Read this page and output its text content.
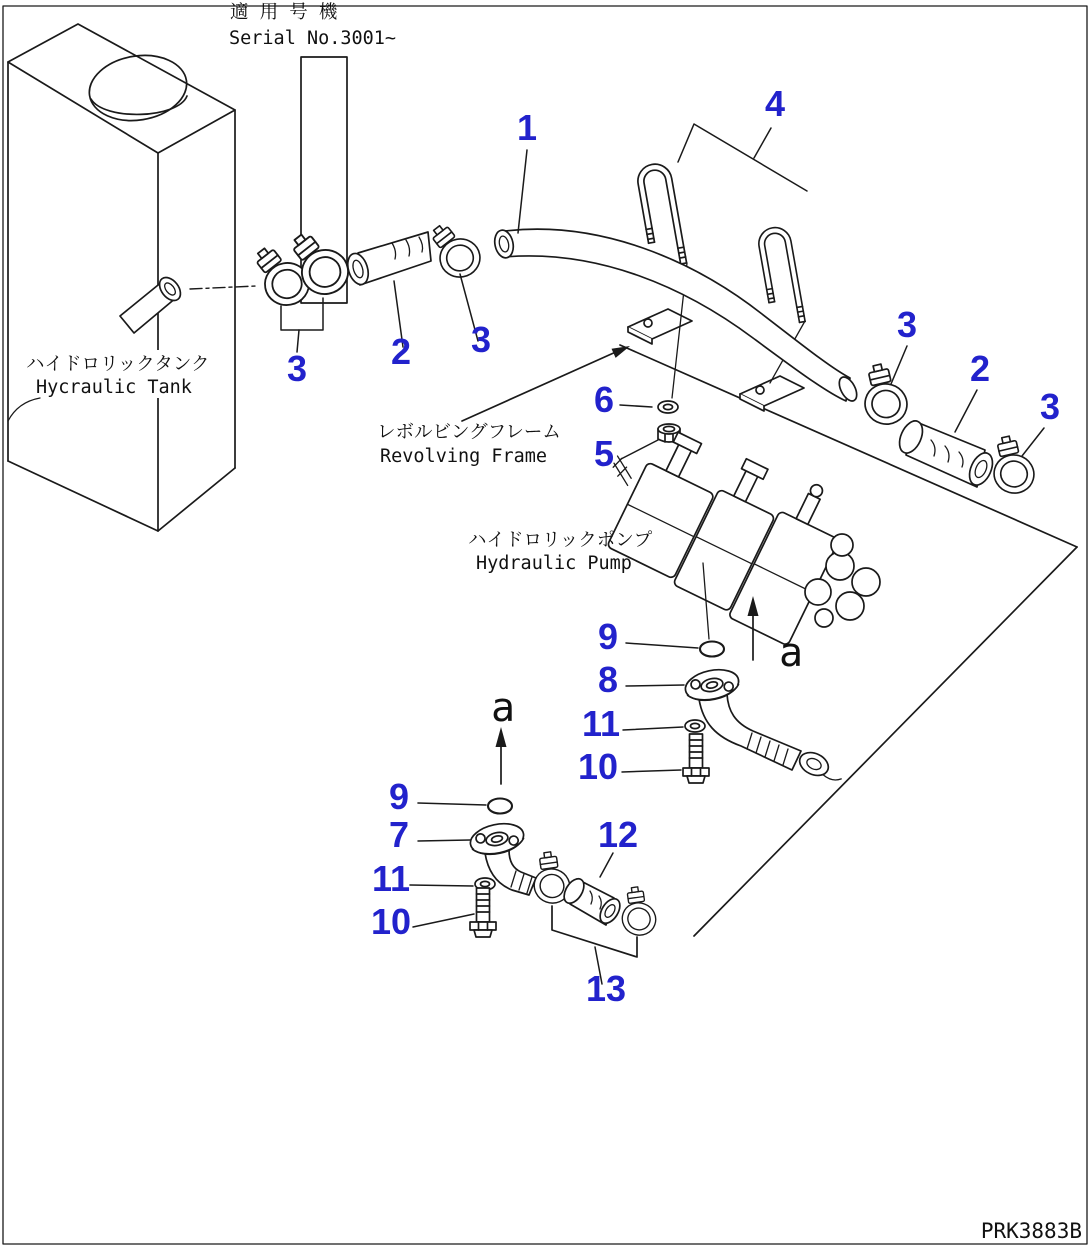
適 用 号 機
Serial No.3001~
ハイドロリックタンク
Hycraulic Tank
レボルビングフレーム
Revolving Frame
ハイドロリックポンプ
Hydraulic Pump
1
4
3 2 3
6
5
3
2
3
9
8
11
10
9
7
11
10
12
13
a
a
PRK3883B
